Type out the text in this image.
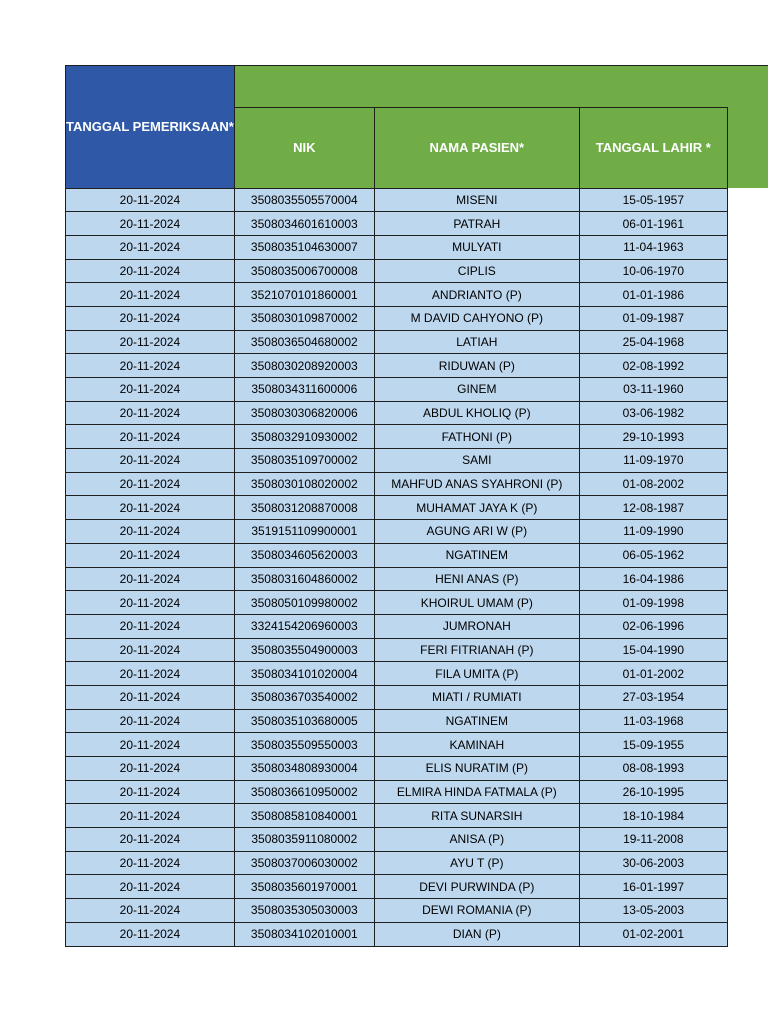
TANGGAL PEMERIKSAAN*			
	NIK	NAMA PASIEN*	TANGGAL LAHIR *
20-11-2024	3508035505570004	MISENI	15-05-1957
20-11-2024	3508034601610003	PATRAH	06-01-1961
20-11-2024	3508035104630007	MULYATI	11-04-1963
20-11-2024	3508035006700008	CIPLIS	10-06-1970
20-11-2024	3521070101860001	ANDRIANTO (P)	01-01-1986
20-11-2024	3508030109870002	M DAVID CAHYONO (P)	01-09-1987
20-11-2024	3508036504680002	LATIAH	25-04-1968
20-11-2024	3508030208920003	RIDUWAN (P)	02-08-1992
20-11-2024	3508034311600006	GINEM	03-11-1960
20-11-2024	3508030306820006	ABDUL KHOLIQ (P)	03-06-1982
20-11-2024	3508032910930002	FATHONI (P)	29-10-1993
20-11-2024	3508035109700002	SAMI	11-09-1970
20-11-2024	3508030108020002	MAHFUD ANAS SYAHRONI (P)	01-08-2002
20-11-2024	3508031208870008	MUHAMAT JAYA K (P)	12-08-1987
20-11-2024	3519151109900001	AGUNG ARI W (P)	11-09-1990
20-11-2024	3508034605620003	NGATINEM	06-05-1962
20-11-2024	3508031604860002	HENI ANAS (P)	16-04-1986
20-11-2024	3508050109980002	KHOIRUL UMAM (P)	01-09-1998
20-11-2024	3324154206960003	JUMRONAH	02-06-1996
20-11-2024	3508035504900003	FERI FITRIANAH (P)	15-04-1990
20-11-2024	3508034101020004	FILA UMITA (P)	01-01-2002
20-11-2024	3508036703540002	MIATI / RUMIATI	27-03-1954
20-11-2024	3508035103680005	NGATINEM	11-03-1968
20-11-2024	3508035509550003	KAMINAH	15-09-1955
20-11-2024	3508034808930004	ELIS NURATIM (P)	08-08-1993
20-11-2024	3508036610950002	ELMIRA HINDA FATMALA (P)	26-10-1995
20-11-2024	3508085810840001	RITA SUNARSIH	18-10-1984
20-11-2024	3508035911080002	ANISA (P)	19-11-2008
20-11-2024	3508037006030002	AYU T (P)	30-06-2003
20-11-2024	3508035601970001	DEVI PURWINDA (P)	16-01-1997
20-11-2024	3508035305030003	DEWI ROMANIA (P)	13-05-2003
20-11-2024	3508034102010001	DIAN (P)	01-02-2001
